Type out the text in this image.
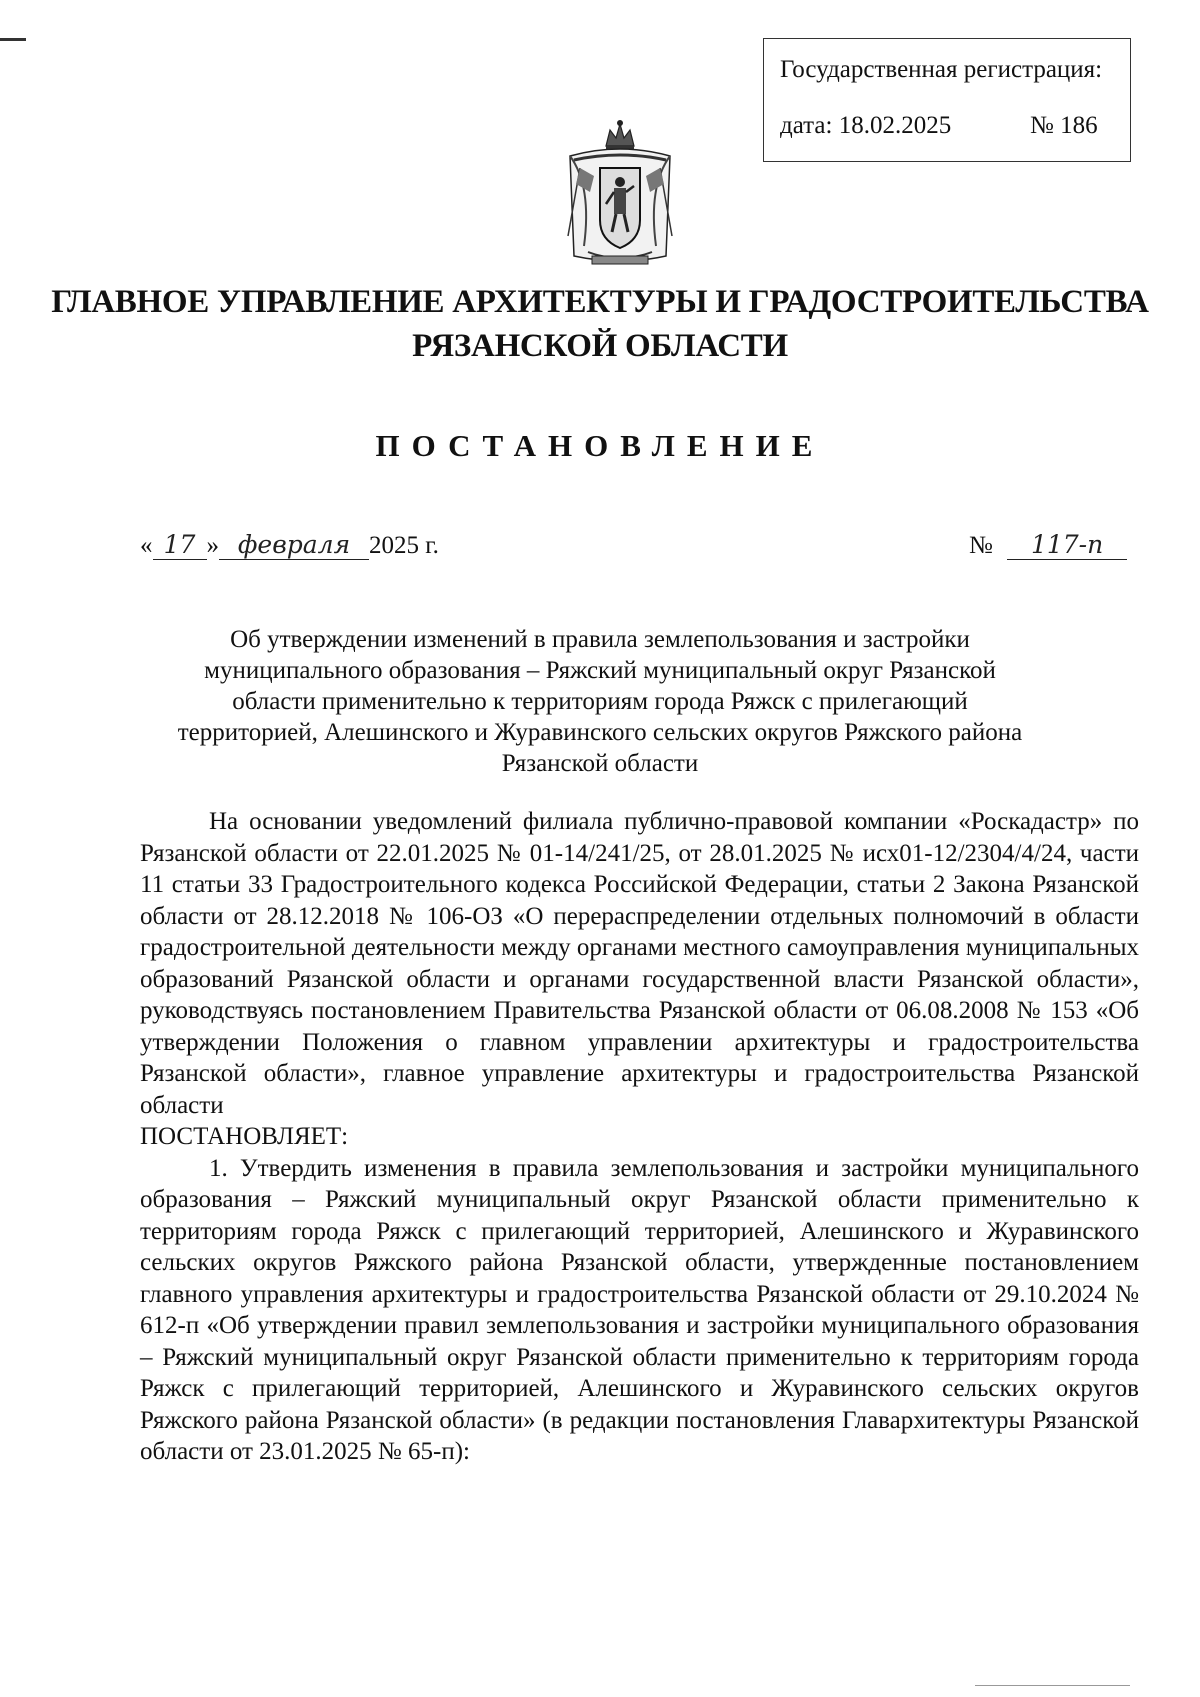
Государственная регистрация:

дата: 18.02.2025	№ 186

ГЛАВНОЕ УПРАВЛЕНИЕ АРХИТЕКТУРЫ И ГРАДОСТРОИТЕЛЬСТВА
РЯЗАНСКОЙ ОБЛАСТИ
ПОСТАНОВЛЕНИЕ
« 17 » февраля 2025 г.	№ 117-п
Об утверждении изменений в правила землепользования и застройки
муниципального образования – Ряжский муниципальный округ Рязанской
области применительно к территориям города Ряжск с прилегающий
территорией, Алешинского и Журавинского сельских округов Ряжского района
Рязанской области

На основании уведомлений филиала публично-правовой компании «Роскадастр» по Рязанской области от 22.01.2025 № 01-14/241/25, от 28.01.2025 № исх01-12/2304/4/24, части 11 статьи 33 Градостроительного кодекса Российской Федерации, статьи 2 Закона Рязанской области от 28.12.2018 № 106-ОЗ «О перераспределении отдельных полномочий в области градостроительной деятельности между органами местного самоуправления муниципальных образований Рязанской области и органами государственной власти Рязанской области», руководствуясь постановлением Правительства Рязанской области от 06.08.2008 № 153 «Об утверждении Положения о главном управлении архитектуры и градостроительства Рязанской области», главное управление архитектуры и градостроительства Рязанской области

ПОСТАНОВЛЯЕТ:

1. Утвердить изменения в правила землепользования и застройки муниципального образования – Ряжский муниципальный округ Рязанской области применительно к территориям города Ряжск с прилегающий территорией, Алешинского и Журавинского сельских округов Ряжского района Рязанской области, утвержденные постановлением главного управления архитектуры и градостроительства Рязанской области от 29.10.2024 № 612-п «Об утверждении правил землепользования и застройки муниципального образования – Ряжский муниципальный округ Рязанской области применительно к территориям города Ряжск с прилегающий территорией, Алешинского и Журавинского сельских округов Ряжского района Рязанской области» (в редакции постановления Главархитектуры Рязанской области от 23.01.2025 № 65-п):
